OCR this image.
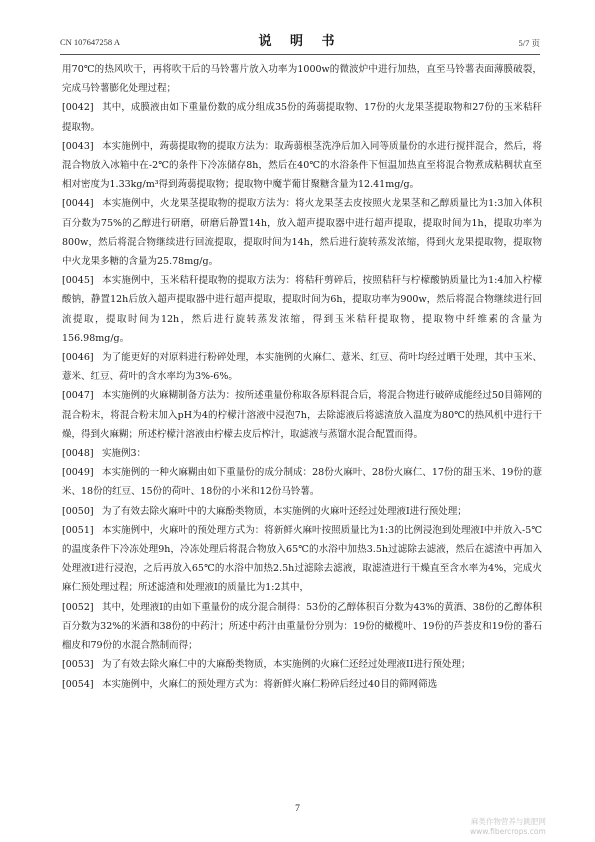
CN 107647258 A	说 明 书	5/7 页

用70℃的热风吹干，再将吹干后的马铃薯片放入功率为1000w的微波炉中进行加热，直至马铃薯表面薄膜破裂，完成马铃薯膨化处理过程；

[0042] 其中，成膜液由如下重量份数的成分组成35份的蒟蒻提取物、17份的火龙果茎提取物和27份的玉米秸秆提取物。

[0043] 本实施例中，蒟蒻提取物的提取方法为：取蒟蒻根茎洗净后加入同等质量份的水进行搅拌混合，然后，将混合物放入冰箱中在-2℃的条件下冷冻储存8h，然后在40℃的水浴条件下恒温加热直至将混合物煮成粘稠状直至相对密度为1.33kg/m³得到蒟蒻提取物；提取物中魔芋葡甘聚糖含量为12.41mg/g。

[0044] 本实施例中，火龙果茎提取物的提取方法为：将火龙果茎去皮按照火龙果茎和乙醇质量比为1:3加入体积百分数为75%的乙醇进行研磨，研磨后静置14h，放入超声提取器中进行超声提取，提取时间为1h，提取功率为800w，然后将混合物继续进行回流提取，提取时间为14h，然后进行旋转蒸发浓缩，得到火龙果提取物，提取物中火龙果多糖的含量为25.78mg/g。

[0045] 本实施例中，玉米秸秆提取物的提取方法为：将秸秆剪碎后，按照秸秆与柠檬酸钠质量比为1:4加入柠檬酸钠，静置12h后放入超声提取器中进行超声提取，提取时间为6h，提取功率为900w，然后将混合物继续进行回流提取，提取时间为12h，然后进行旋转蒸发浓缩，得到玉米秸秆提取物，提取物中纤维素的含量为156.98mg/g。

[0046] 为了能更好的对原料进行粉碎处理，本实施例的火麻仁、薏米、红豆、荷叶均经过晒干处理，其中玉米、薏米、红豆、荷叶的含水率均为3%-6%。

[0047] 本实施例的火麻糊制备方法为：按所述重量份称取各原料混合后，将混合物进行破碎成能经过50目筛网的混合粉末，将混合粉末加入pH为4的柠檬汁溶液中浸泡7h，去除滤液后将滤渣放入温度为80℃的热风机中进行干燥，得到火麻糊；所述柠檬汁溶液由柠檬去皮后榨汁，取滤液与蒸馏水混合配置而得。

[0048] 实施例3：

[0049] 本实施例的一种火麻糊由如下重量份的成分制成：28份火麻叶、28份火麻仁、17份的甜玉米、19份的薏米、18份的红豆、15份的荷叶、18份的小米和12份马铃薯。

[0050] 为了有效去除火麻叶中的大麻酚类物质，本实施例的火麻叶还经过处理液I进行预处理；

[0051] 本实施例中，火麻叶的预处理方式为：将新鲜火麻叶按照质量比为1:3的比例浸泡到处理液I中并放入-5℃的温度条件下冷冻处理9h，冷冻处理后将混合物放入65℃的水浴中加热3.5h过滤除去滤液，然后在滤渣中再加入处理液I进行浸泡，之后再放入65℃的水浴中加热2.5h过滤除去滤液，取滤渣进行干燥直至含水率为4%，完成火麻仁预处理过程；所述滤渣和处理液I的质量比为1:2其中，

[0052] 其中，处理液I的由如下重量份的成分混合制得：53份的乙醇体积百分数为43%的黄酒、38份的乙醇体积百分数为32%的米酒和38份的中药汁；所述中药汁由重量份分别为：19份的橄榄叶、19份的芦荟皮和19份的番石榴皮和79份的水混合熬制而得；

[0053] 为了有效去除火麻仁中的大麻酚类物质，本实施例的火麻仁还经过处理液II进行预处理；

[0054] 本实施例中，火麻仁的预处理方式为：将新鲜火麻仁粉碎后经过40目的筛网筛选

7
麻类作物营养与跳肥网
www.fibercrops.com
